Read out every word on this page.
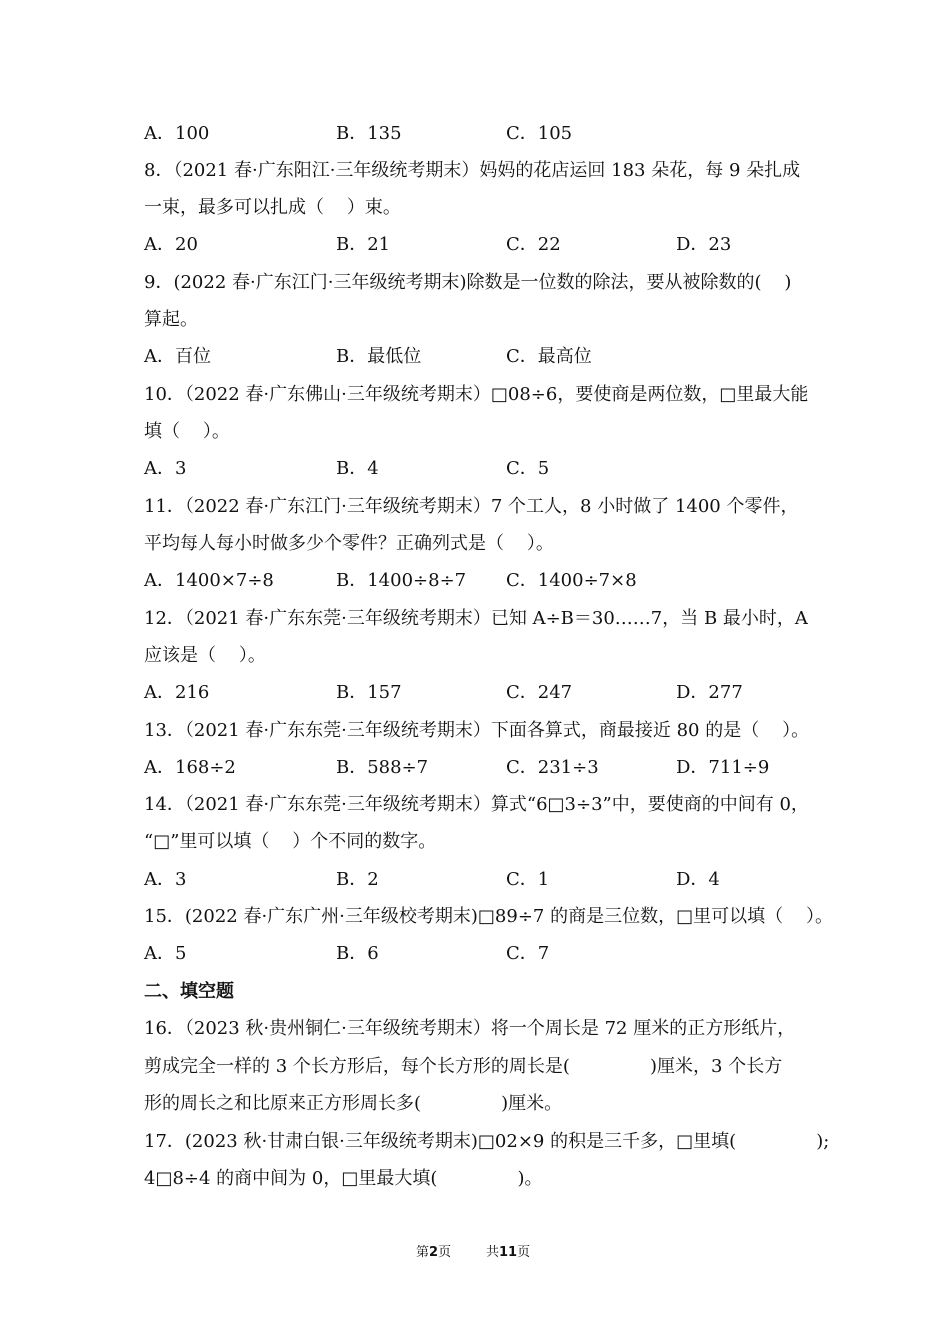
A．100	B．135	C．105
8．（2021 春·广东阳江·三年级统考期末）妈妈的花店运回 183 朵花，每 9 朵扎成
一束，最多可以扎成（    ）束。
A．20	B．21	C．22	D．23
9．(2022 春·广东江门·三年级统考期末)除数是一位数的除法，要从被除数的(    )
算起。
A．百位	B．最低位	C．最高位
10．（2022 春·广东佛山·三年级统考期末）□08÷6，要使商是两位数，□里最大能
填（    ）。
A．3	B．4	C．5
11．（2022 春·广东江门·三年级统考期末）7 个工人，8 小时做了 1400 个零件，
平均每人每小时做多少个零件？正确列式是（    ）。
A．1400×7÷8	B．1400÷8÷7 C．1400÷7×8
12．（2021 春·广东东莞·三年级统考期末）已知 A÷B＝30……7，当 B 最小时，A
应该是（    ）。
A．216	B．157	C．247	D．277
13．（2021 春·广东东莞·三年级统考期末）下面各算式，商最接近 80 的是（    ）。
A．168÷2	B．588÷7	C．231÷3	D．711÷9
14．（2021 春·广东东莞·三年级统考期末）算式“6□3÷3”中，要使商的中间有 0，
“□”里可以填（    ）个不同的数字。
A．3	B．2	C．1	D．4
15．(2022 春·广东广州·三年级校考期末)□89÷7 的商是三位数，□里可以填（    ）。
A．5	B．6	C．7
二、填空题
16．（2023 秋·贵州铜仁·三年级统考期末）将一个周长是 72 厘米的正方形纸片，
剪成完全一样的 3 个长方形后，每个长方形的周长是(              )厘米，3 个长方
形的周长之和比原来正方形周长多(              )厘米。
17．(2023 秋·甘肃白银·三年级统考期末)□02×9 的积是三千多，□里填(              );
4□8÷4 的商中间为 0，□里最大填(              )。
第2页	共11页
